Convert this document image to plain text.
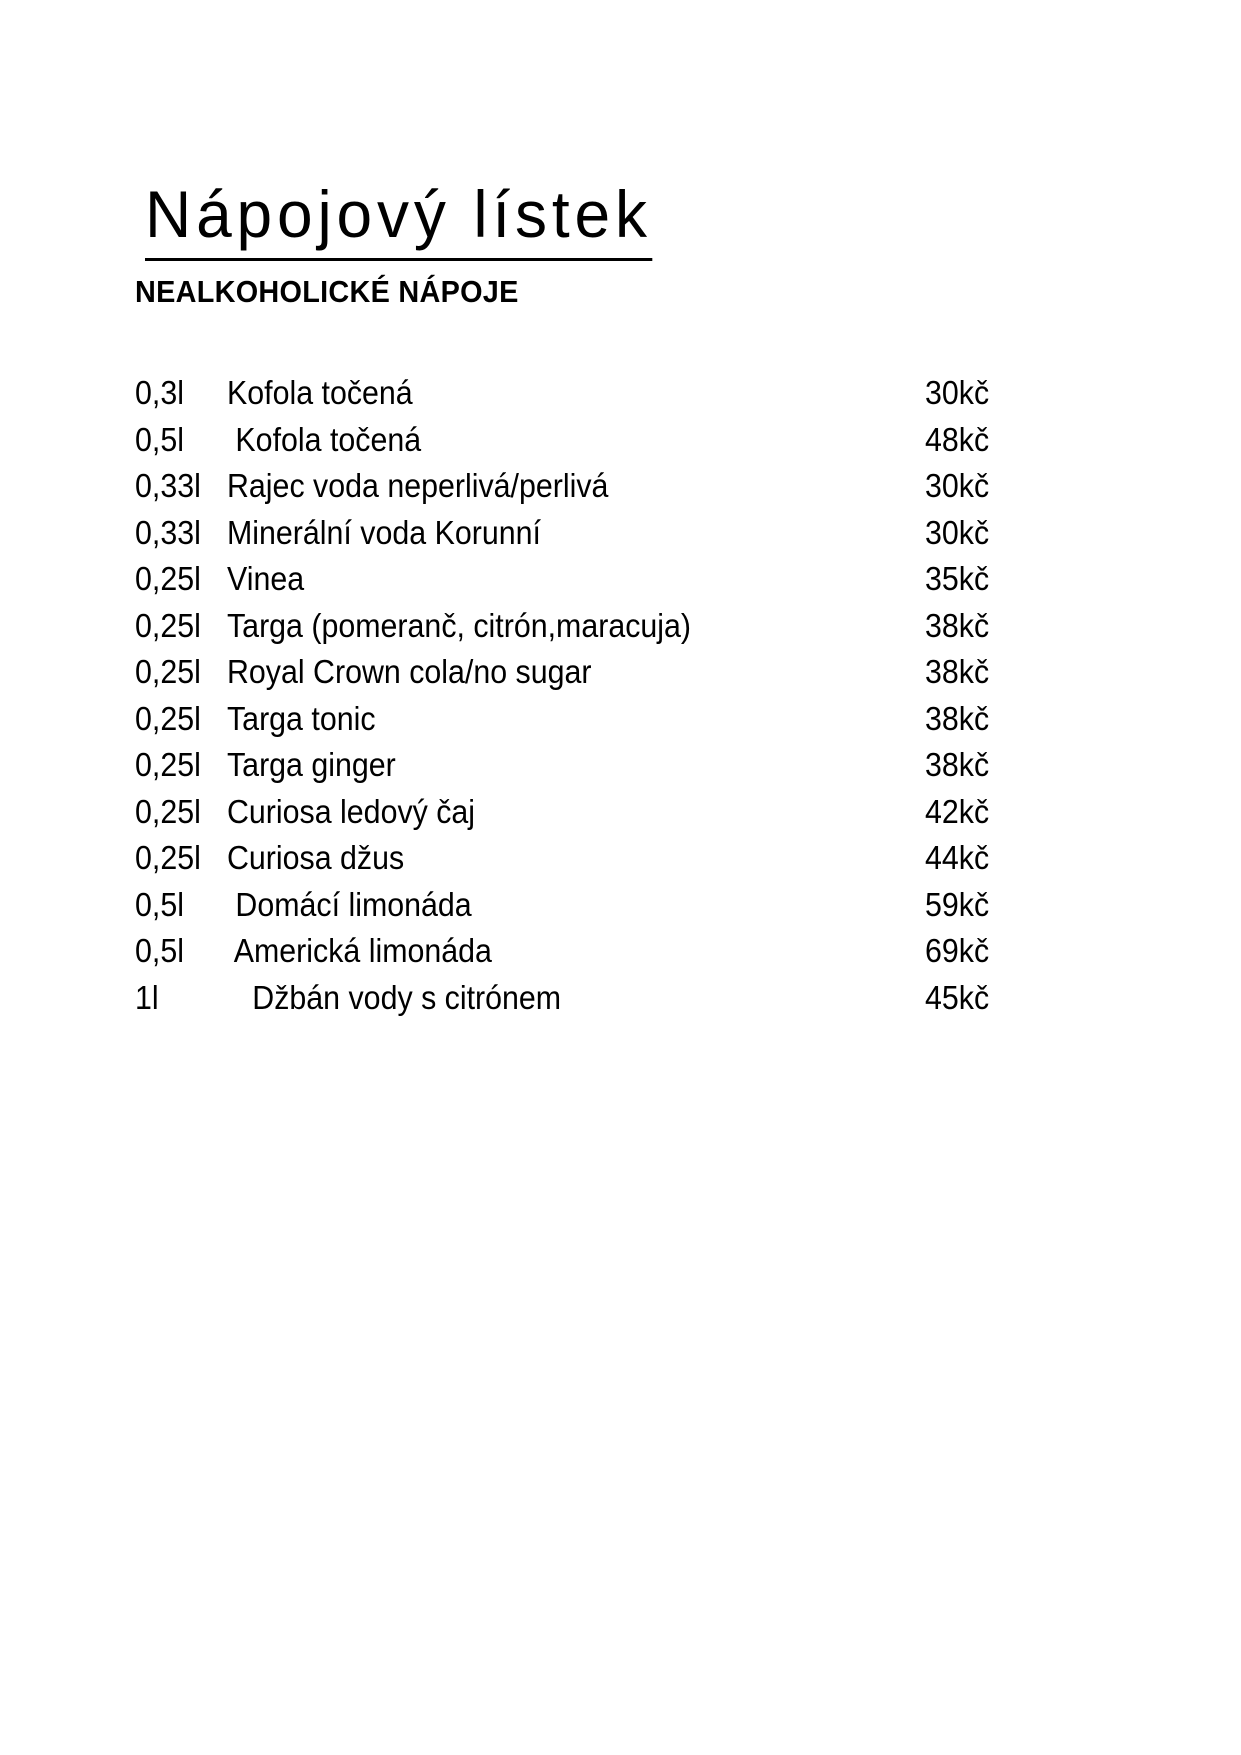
Nápojový lístek
NEALKOHOLICKÉ NÁPOJE
0,3l	Kofola točená	30kč
0,5l	Kofola točená	48kč
0,33l Rajec voda neperlivá/perlivá	30kč
0,33l Minerální voda Korunní	30kč
0,25l Vinea	35kč
0,25l Targa (pomeranč, citrón,maracuja)	38kč
0,25l Royal Crown cola/no sugar	38kč
0,25l Targa tonic	38kč
0,25l Targa ginger	38kč
0,25l Curiosa ledový čaj	42kč
0,25l Curiosa džus	44kč
0,5l	Domácí limonáda	59kč
0,5l	Americká limonáda	69kč
1l	Džbán vody s citrónem	45kč
